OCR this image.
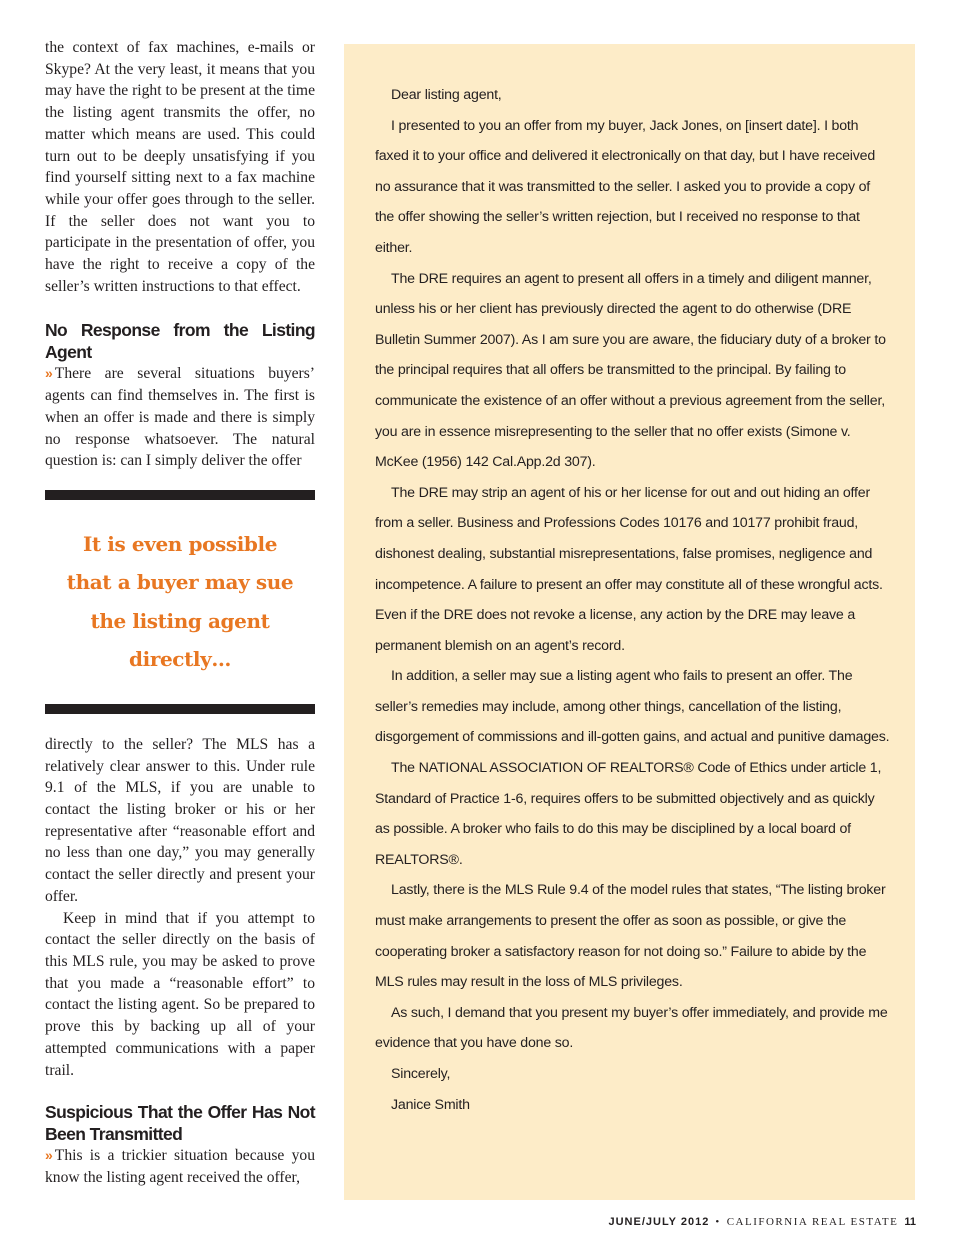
the context of fax machines, e-mails or Skype? At the very least, it means that you may have the right to be present at the time the listing agent transmits the offer, no matter which means are used. This could turn out to be deeply unsatisfying if you find yourself sitting next to a fax machine while your offer goes through to the seller. If the seller does not want you to participate in the presentation of offer, you have the right to receive a copy of the seller’s written instructions to that effect.

No Response from the Listing Agent

» There are several situations buyers’ agents can find themselves in. The first is when an offer is made and there is simply no response whatsoever. The natural question is: can I simply deliver the offer

It is even possible that a buyer may sue the listing agent directly…

directly to the seller? The MLS has a relatively clear answer to this. Under rule 9.1 of the MLS, if you are unable to contact the listing broker or his or her representative after “reasonable effort and no less than one day,” you may generally contact the seller directly and present your offer.

Keep in mind that if you attempt to contact the seller directly on the basis of this MLS rule, you may be asked to prove that you made a “reasonable effort” to contact the listing agent. So be prepared to prove this by backing up all of your attempted communications with a paper trail.

Suspicious That the Offer Has Not Been Transmitted

» This is a trickier situation because you know the listing agent received the offer,

Dear listing agent,

I presented to you an offer from my buyer, Jack Jones, on [insert date]. I both faxed it to your office and delivered it electronically on that day, but I have received no assurance that it was transmitted to the seller. I asked you to provide a copy of the offer showing the seller’s written rejection, but I received no response to that either.

The DRE requires an agent to present all offers in a timely and diligent manner, unless his or her client has previously directed the agent to do otherwise (DRE Bulletin Summer 2007). As I am sure you are aware, the fiduciary duty of a broker to the principal requires that all offers be transmitted to the principal. By failing to communicate the existence of an offer without a previous agreement from the seller, you are in essence misrepresenting to the seller that no offer exists (Simone v. McKee (1956) 142 Cal.App.2d 307).

The DRE may strip an agent of his or her license for out and out hiding an offer from a seller. Business and Professions Codes 10176 and 10177 prohibit fraud, dishonest dealing, substantial misrepresentations, false promises, negligence and incompetence. A failure to present an offer may constitute all of these wrongful acts. Even if the DRE does not revoke a license, any action by the DRE may leave a permanent blemish on an agent’s record.

In addition, a seller may sue a listing agent who fails to present an offer. The seller’s remedies may include, among other things, cancellation of the listing, disgorgement of commissions and ill-gotten gains, and actual and punitive damages.

The NATIONAL ASSOCIATION OF REALTORS® Code of Ethics under article 1, Standard of Practice 1-6, requires offers to be submitted objectively and as quickly as possible. A broker who fails to do this may be disciplined by a local board of REALTORS®.

Lastly, there is the MLS Rule 9.4 of the model rules that states, “The listing broker must make arrangements to present the offer as soon as possible, or give the cooperating broker a satisfactory reason for not doing so.” Failure to abide by the MLS rules may result in the loss of MLS privileges.

As such, I demand that you present my buyer’s offer immediately, and provide me evidence that you have done so.

Sincerely,

Janice Smith

JUNE/JULY 2012 • CALIFORNIA REAL ESTATE 11
